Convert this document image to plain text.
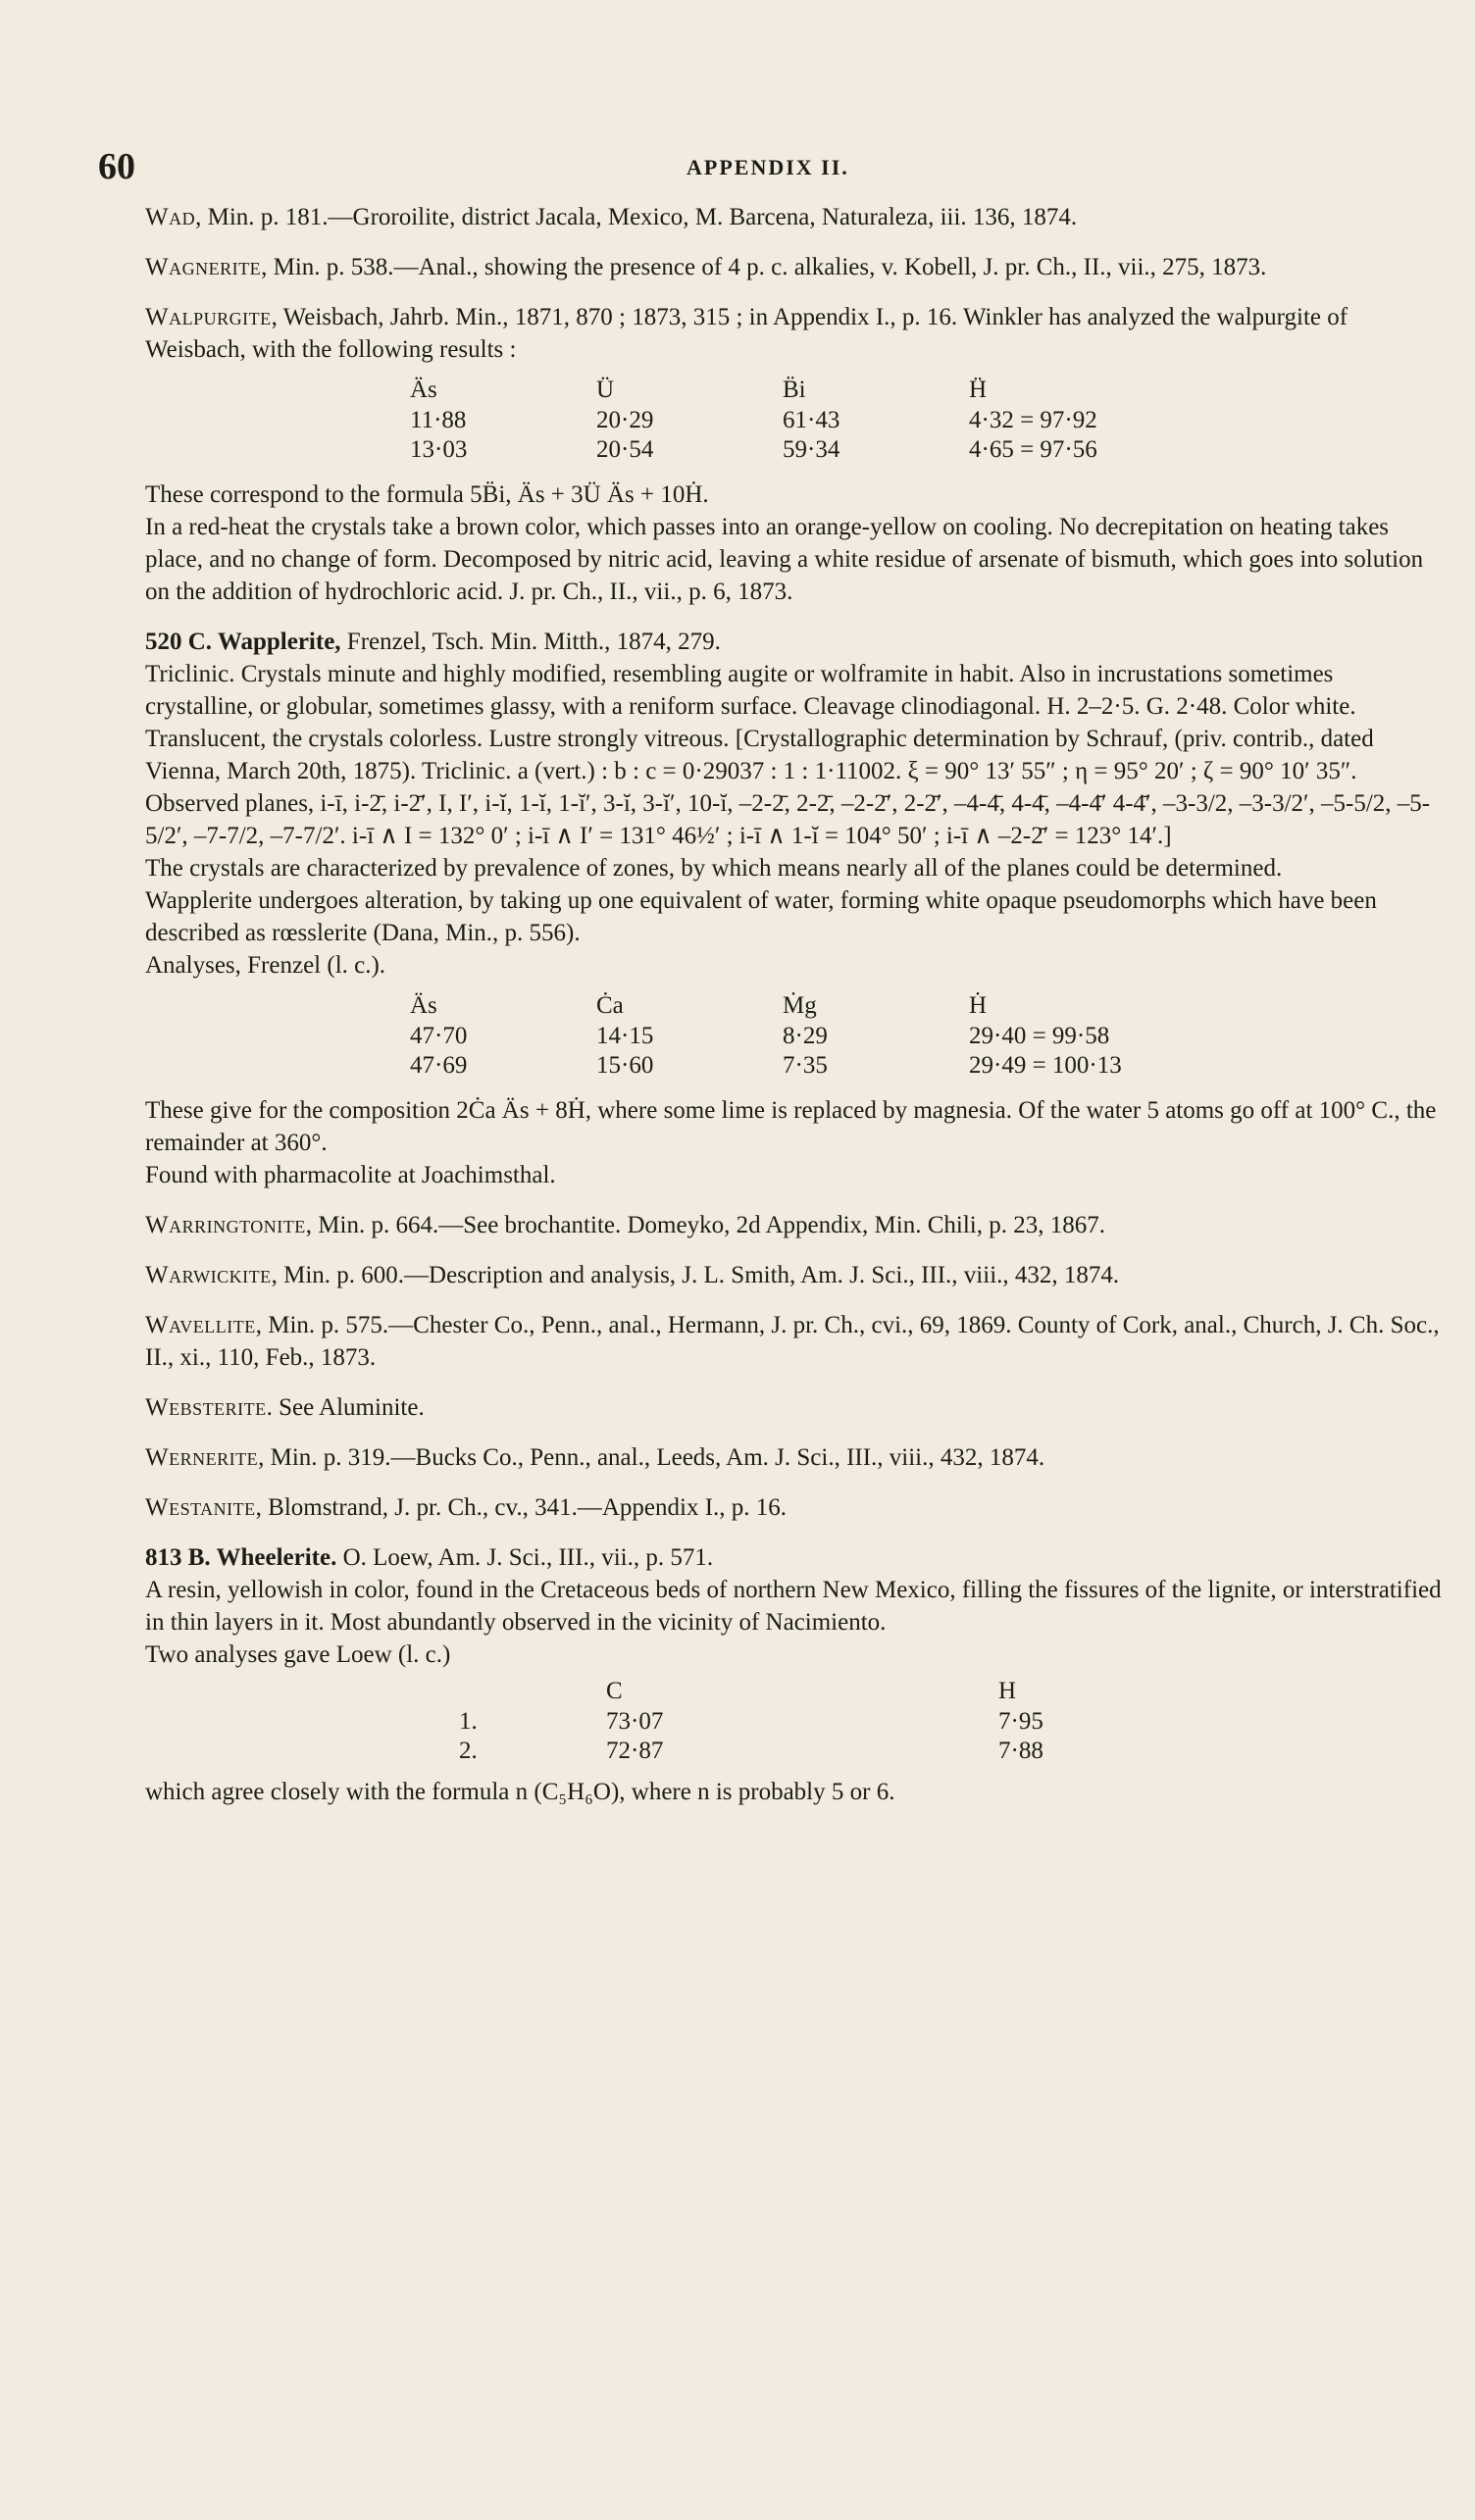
60	APPENDIX II.

Wad, Min. p. 181.—Groroilite, district Jacala, Mexico, M. Barcena, Naturaleza, iii. 136, 1874.

Wagnerite, Min. p. 538.—Anal., showing the presence of 4 p. c. alkalies, v. Kobell, J. pr. Ch., II., vii., 275, 1873.

Walpurgite, Weisbach, Jahrb. Min., 1871, 870 ; 1873, 315 ; in Appendix I., p. 16. Winkler has analyzed the walpurgite of Weisbach, with the following results :

Ӓs	Ü	B̈i	Ḧ
11·88	20·29	61·43	4·32 = 97·92
13·03	20·54	59·34	4·65 = 97·56

These correspond to the formula 5B̈i, Ӓs + 3Ü Ӓs + 10Ḣ.

In a red-heat the crystals take a brown color, which passes into an orange-yellow on cooling. No decrepitation on heating takes place, and no change of form. Decomposed by nitric acid, leaving a white residue of arsenate of bismuth, which goes into solution on the addition of hydrochloric acid. J. pr. Ch., II., vii., p. 6, 1873.

520 C. Wapplerite, Frenzel, Tsch. Min. Mitth., 1874, 279.

Triclinic. Crystals minute and highly modified, resembling augite or wolframite in habit. Also in incrustations sometimes crystalline, or globular, sometimes glassy, with a reniform surface. Cleavage clinodiagonal. H. 2–2·5. G. 2·48. Color white. Translucent, the crystals colorless. Lustre strongly vitreous. [Crystallographic determination by Schrauf, (priv. contrib., dated Vienna, March 20th, 1875). Triclinic. a (vert.) : b : c = 0·29037 : 1 : 1·11002. ξ = 90° 13′ 55″ ; η = 95° 20′ ; ζ = 90° 10′ 35″. Observed planes, i-ī, i-2̄, i-2̄′, I, I′, i-ĭ, 1-ĭ, 1-ĭ′, 3-ĭ, 3-ĭ′, 10-ĭ, –2-2̄, 2-2̄, –2-2̄′, 2-2̄′, –4-4̄, 4-4̄, –4-4̄′ 4-4̄′, –3-3/2, –3-3/2′, –5-5/2, –5-5/2′, –7-7/2, –7-7/2′. i-ī ∧ I = 132° 0′ ; i-ī ∧ I′ = 131° 46½′ ; i-ī ∧ 1-ĭ = 104° 50′ ; i-ī ∧ –2-2̄′ = 123° 14′.]

The crystals are characterized by prevalence of zones, by which means nearly all of the planes could be determined.

Wapplerite undergoes alteration, by taking up one equivalent of water, forming white opaque pseudomorphs which have been described as rœsslerite (Dana, Min., p. 556).

Analyses, Frenzel (l. c.).

Ӓs	Ċa	Ṁg	Ḣ
47·70	14·15	8·29	29·40 = 99·58
47·69	15·60	7·35	29·49 = 100·13

These give for the composition 2Ċa Ӓs + 8Ḣ, where some lime is replaced by magnesia. Of the water 5 atoms go off at 100° C., the remainder at 360°.

Found with pharmacolite at Joachimsthal.

Warringtonite, Min. p. 664.—See brochantite. Domeyko, 2d Appendix, Min. Chili, p. 23, 1867.

Warwickite, Min. p. 600.—Description and analysis, J. L. Smith, Am. J. Sci., III., viii., 432, 1874.

Wavellite, Min. p. 575.—Chester Co., Penn., anal., Hermann, J. pr. Ch., cvi., 69, 1869. County of Cork, anal., Church, J. Ch. Soc., II., xi., 110, Feb., 1873.

Websterite. See Aluminite.

Wernerite, Min. p. 319.—Bucks Co., Penn., anal., Leeds, Am. J. Sci., III., viii., 432, 1874.

Westanite, Blomstrand, J. pr. Ch., cv., 341.—Appendix I., p. 16.

813 B. Wheelerite. O. Loew, Am. J. Sci., III., vii., p. 571.

A resin, yellowish in color, found in the Cretaceous beds of northern New Mexico, filling the fissures of the lignite, or interstratified in thin layers in it. Most abundantly observed in the vicinity of Nacimiento.

Two analyses gave Loew (l. c.)

	C	H
1.	73·07	7·95
2.	72·87	7·88

which agree closely with the formula n (C₅H₆O), where n is probably 5 or 6.
